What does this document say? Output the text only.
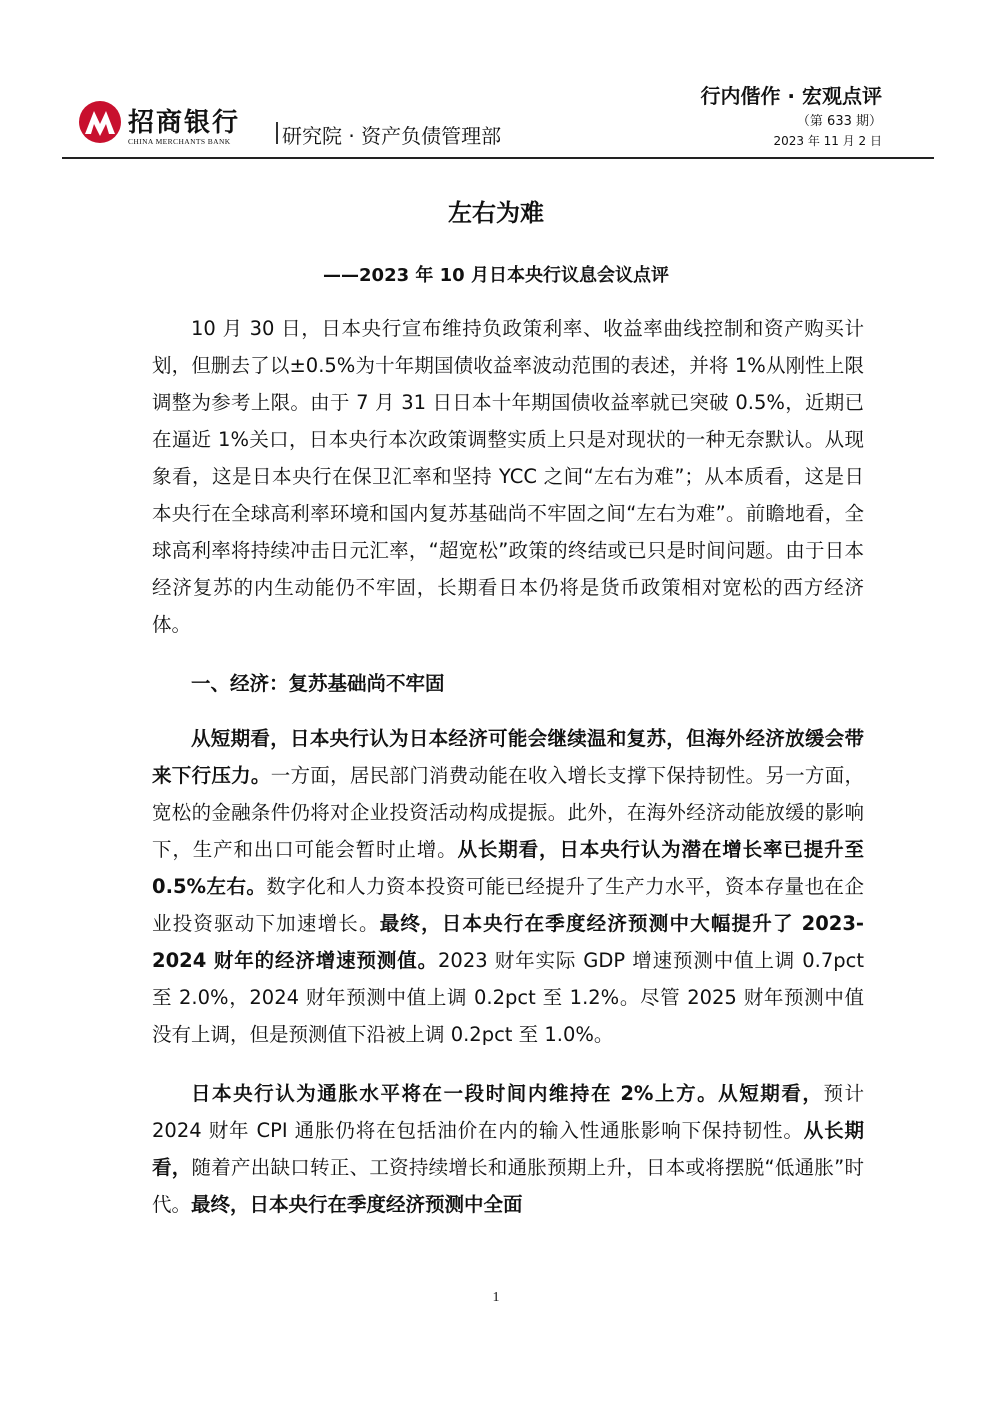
招商银行
CHINA MERCHANTS BANK	研究院 · 资产负债管理部
行内偕作 · 宏观点评
（第 633 期）
2023 年 11 月 2 日
左右为难
——2023 年 10 月日本央行议息会议点评

10 月 30 日，日本央行宣布维持负政策利率、收益率曲线控制和资产购买计划，但删去了以±0.5%为十年期国债收益率波动范围的表述，并将 1%从刚性上限调整为参考上限。由于 7 月 31 日日本十年期国债收益率就已突破 0.5%，近期已在逼近 1%关口，日本央行本次政策调整实质上只是对现状的一种无奈默认。从现象看，这是日本央行在保卫汇率和坚持 YCC 之间“左右为难”；从本质看，这是日本央行在全球高利率环境和国内复苏基础尚不牢固之间“左右为难”。前瞻地看，全球高利率将持续冲击日元汇率，“超宽松”政策的终结或已只是时间问题。由于日本经济复苏的内生动能仍不牢固，长期看日本仍将是货币政策相对宽松的西方经济体。

一、经济：复苏基础尚不牢固

从短期看，日本央行认为日本经济可能会继续温和复苏，但海外经济放缓会带来下行压力。一方面，居民部门消费动能在收入增长支撑下保持韧性。另一方面，宽松的金融条件仍将对企业投资活动构成提振。此外，在海外经济动能放缓的影响下，生产和出口可能会暂时止增。从长期看，日本央行认为潜在增长率已提升至 0.5%左右。数字化和人力资本投资可能已经提升了生产力水平，资本存量也在企业投资驱动下加速增长。最终，日本央行在季度经济预测中大幅提升了 2023-2024 财年的经济增速预测值。2023 财年实际 GDP 增速预测中值上调 0.7pct 至 2.0%，2024 财年预测中值上调 0.2pct 至 1.2%。尽管 2025 财年预测中值没有上调，但是预测值下沿被上调 0.2pct 至 1.0%。

日本央行认为通胀水平将在一段时间内维持在 2%上方。从短期看，预计 2024 财年 CPI 通胀仍将在包括油价在内的输入性通胀影响下保持韧性。从长期看，随着产出缺口转正、工资持续增长和通胀预期上升，日本或将摆脱“低通胀”时代。最终，日本央行在季度经济预测中全面

1
